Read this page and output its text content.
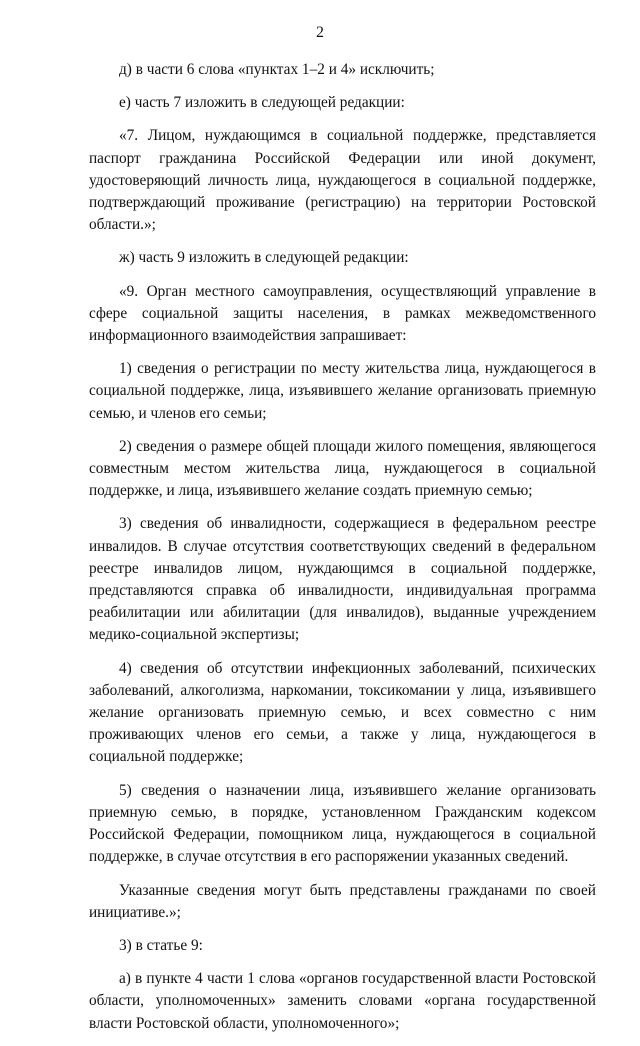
2

д) в части 6 слова «пунктах 1–2 и 4» исключить;

е) часть 7 изложить в следующей редакции:

«7. Лицом, нуждающимся в социальной поддержке, представляется паспорт гражданина Российской Федерации или иной документ, удостоверяющий личность лица, нуждающегося в социальной поддержке, подтверждающий проживание (регистрацию) на территории Ростовской области.»;

ж) часть 9 изложить в следующей редакции:

«9. Орган местного самоуправления, осуществляющий управление в сфере социальной защиты населения, в рамках межведомственного информационного взаимодействия запрашивает:

1) сведения о регистрации по месту жительства лица, нуждающегося в социальной поддержке, лица, изъявившего желание организовать приемную семью, и членов его семьи;

2) сведения о размере общей площади жилого помещения, являющегося совместным местом жительства лица, нуждающегося в социальной поддержке, и лица, изъявившего желание создать приемную семью;

3) сведения об инвалидности, содержащиеся в федеральном реестре инвалидов. В случае отсутствия соответствующих сведений в федеральном реестре инвалидов лицом, нуждающимся в социальной поддержке, представляются справка об инвалидности, индивидуальная программа реабилитации или абилитации (для инвалидов), выданные учреждением медико-социальной экспертизы;

4) сведения об отсутствии инфекционных заболеваний, психических заболеваний, алкоголизма, наркомании, токсикомании у лица, изъявившего желание организовать приемную семью, и всех совместно с ним проживающих членов его семьи, а также у лица, нуждающегося в социальной поддержке;

5) сведения о назначении лица, изъявившего желание организовать приемную семью, в порядке, установленном Гражданским кодексом Российской Федерации, помощником лица, нуждающегося в социальной поддержке, в случае отсутствия в его распоряжении указанных сведений.

Указанные сведения могут быть представлены гражданами по своей инициативе.»;

3) в статье 9:

а) в пункте 4 части 1 слова «органов государственной власти Ростовской области, уполномоченных» заменить словами «органа государственной власти Ростовской области, уполномоченного»;
